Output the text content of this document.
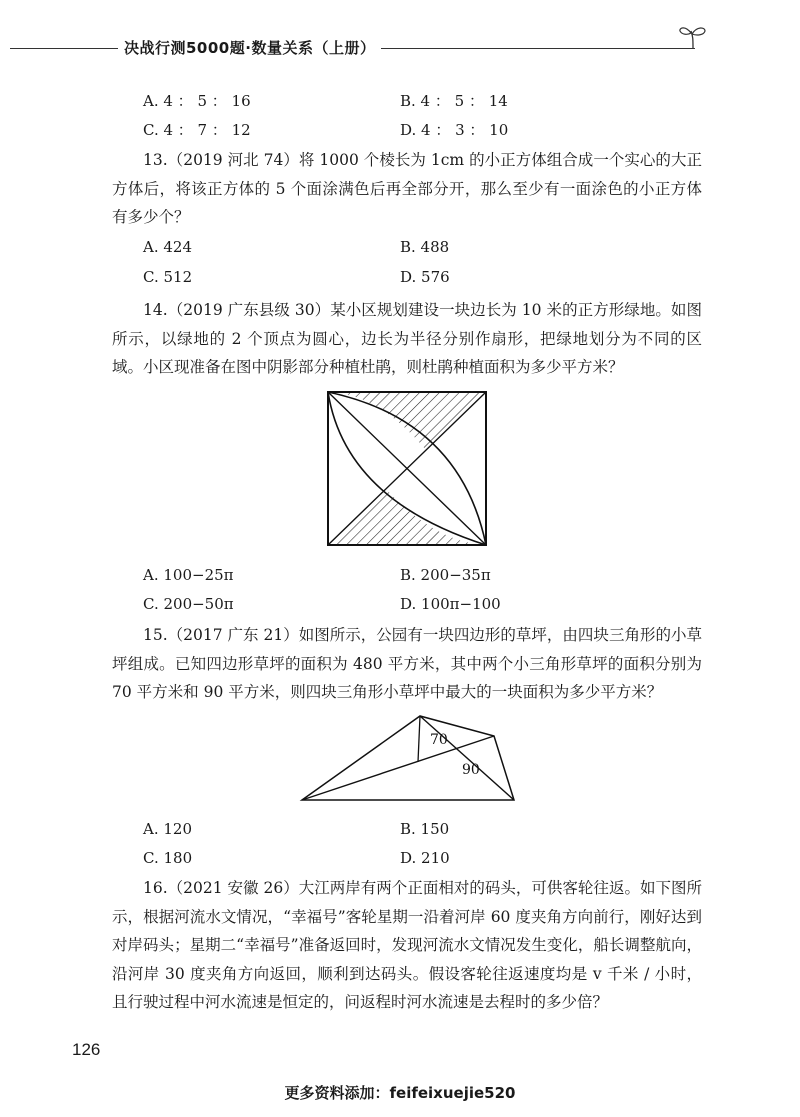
决战行测5000题·数量关系（上册）
A. 4 ： 5 ： 16	B. 4 ： 5 ： 14
C. 4 ： 7 ： 12	D. 4 ： 3 ： 10
13.（2019 河北 74）将 1000 个棱长为 1cm 的小正方体组合成一个实心的大正方体后，将该正方体的 5 个面涂满色后再全部分开，那么至少有一面涂色的小正方体有多少个？
A. 424	B. 488
C. 512	D. 576
14.（2019 广东县级 30）某小区规划建设一块边长为 10 米的正方形绿地。如图所示，以绿地的 2 个顶点为圆心，边长为半径分别作扇形，把绿地划分为不同的区域。小区现准备在图中阴影部分种植杜鹃，则杜鹃种植面积为多少平方米？
A. 100−25π	B. 200−35π
C. 200−50π	D. 100π−100
15.（2017 广东 21）如图所示，公园有一块四边形的草坪，由四块三角形的小草坪组成。已知四边形草坪的面积为 480 平方米，其中两个小三角形草坪的面积分别为 70 平方米和 90 平方米，则四块三角形小草坪中最大的一块面积为多少平方米？
70
90
A. 120	B. 150
C. 180	D. 210
16.（2021 安徽 26）大江两岸有两个正面相对的码头，可供客轮往返。如下图所示，根据河流水文情况，“幸福号”客轮星期一沿着河岸 60 度夹角方向前行，刚好达到对岸码头；星期二“幸福号”准备返回时，发现河流水文情况发生变化，船长调整航向，沿河岸 30 度夹角方向返回，顺利到达码头。假设客轮往返速度均是 v 千米 / 小时，且行驶过程中河水流速是恒定的，问返程时河水流速是去程时的多少倍？
126
更多资料添加：feifeixuejie520
